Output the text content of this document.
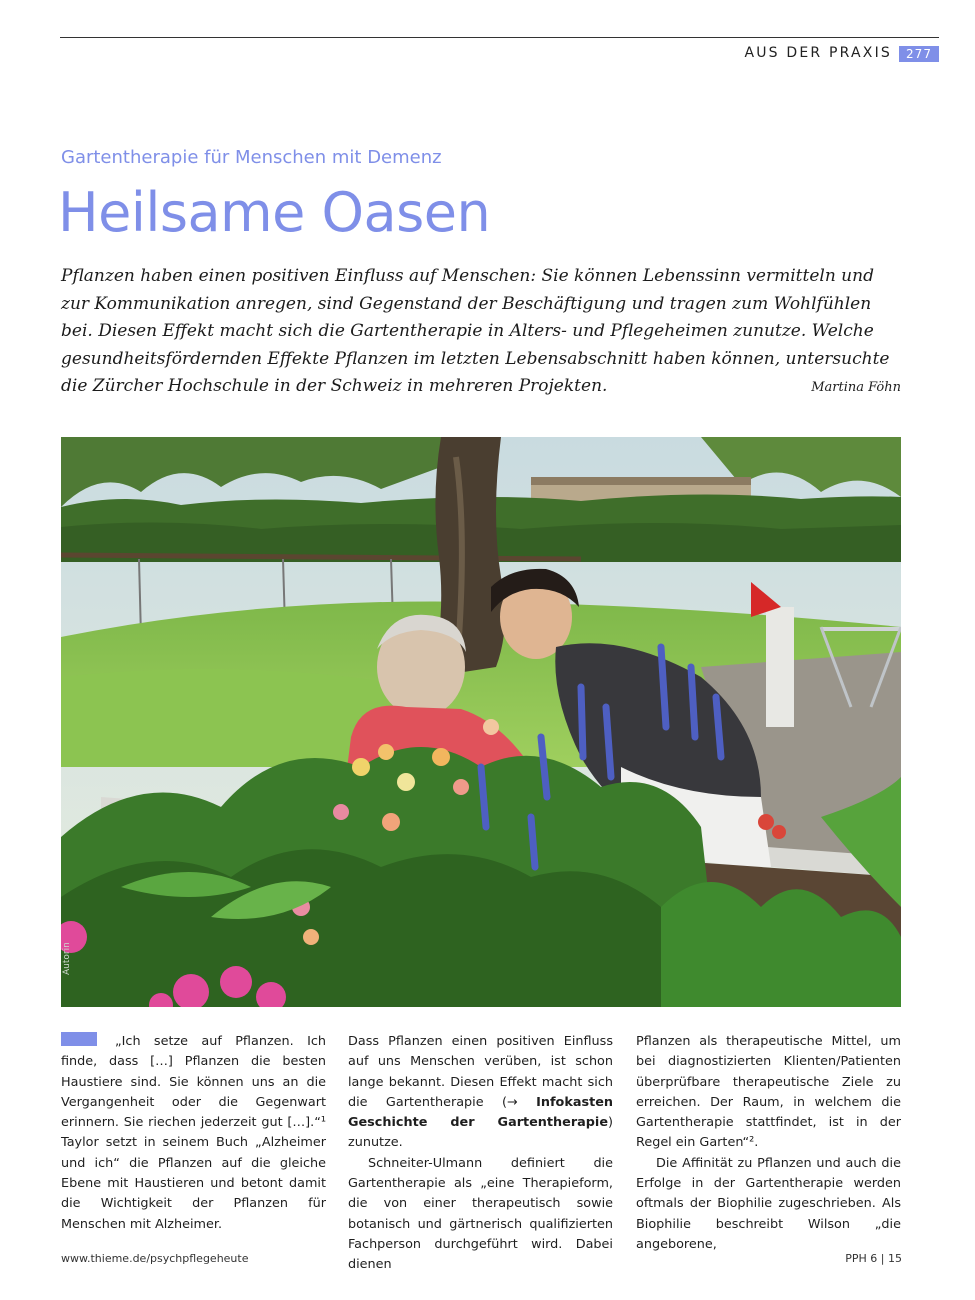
AUS DER PRAXIS	277
Gartentherapie für Menschen mit Demenz
Heilsame Oasen
Pflanzen haben einen positiven Einfluss auf Menschen: Sie können Lebenssinn vermitteln und zur Kommunikation anregen, sind Gegenstand der Beschäftigung und tragen zum Wohlfühlen bei. Diesen Effekt macht sich die Gartentherapie in Alters- und Pflegeheimen zunutze. Welche gesundheitsfördernden Effekte Pflanzen im letzten Lebensabschnitt haben können, untersuchte die Zürcher Hochschule in der Schweiz in mehreren Projekten.	Martina Föhn
Autorin

„Ich setze auf Pflanzen. Ich finde, dass […] Pflanzen die besten Haustiere sind. Sie können uns an die Vergangenheit oder die Gegenwart erinnern. Sie riechen jederzeit gut […].“¹ Taylor setzt in seinem Buch „Alzheimer und ich“ die Pflanzen auf die gleiche Ebene mit Haustieren und betont damit die Wichtigkeit der Pflanzen für Menschen mit Alzheimer.

Dass Pflanzen einen positiven Einfluss auf uns Menschen verüben, ist schon lange bekannt. Diesen Effekt macht sich die Gartentherapie (→ Infokasten Geschichte der Gartentherapie) zunutze.

Schneiter-Ulmann definiert die Gartentherapie als „eine Therapieform, die von einer therapeutisch sowie botanisch und gärtnerisch qualifizierten Fachperson durchgeführt wird. Dabei dienen

Pflanzen als therapeutische Mittel, um bei diagnostizierten Klienten/Patienten überprüfbare therapeutische Ziele zu erreichen. Der Raum, in welchem die Gartentherapie stattfindet, ist in der Regel ein Garten“².

Die Affinität zu Pflanzen und auch die Erfolge in der Gartentherapie werden oftmals der Biophilie zugeschrieben. Als Biophilie beschreibt Wilson „die angeborene,

www.thieme.de/psychpflegeheute	PPH 6 | 15
